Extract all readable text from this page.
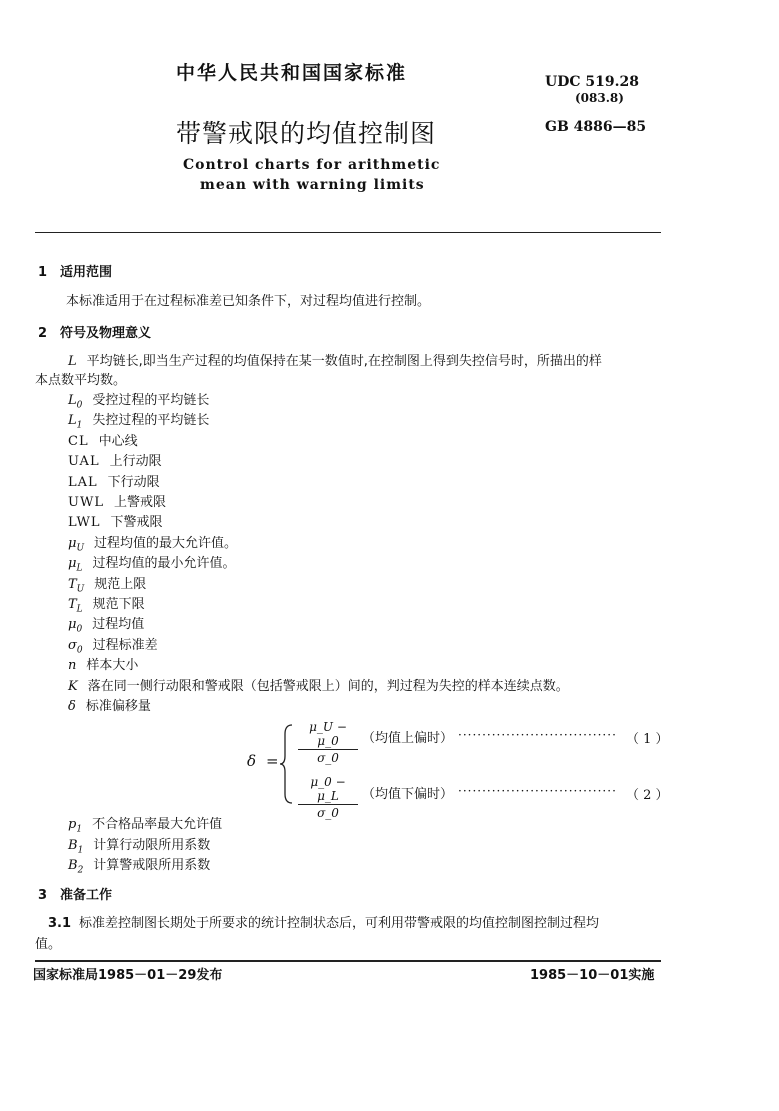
中华人民共和国国家标准	UDC 519.28
(083.8)
带警戒限的均值控制图	GB 4886—85
Control charts for arithmetic
mean with warning limits
1　适用范围
本标准适用于在过程标准差已知条件下，对过程均值进行控制。
2　符号及物理意义
L 平均链长,即当生产过程的均值保持在某一数值时,在控制图上得到失控信号时，所描出的样
本点数平均数。
$L_0$ 受控过程的平均链长
$L_1$ 失控过程的平均链长
CL 中心线
UAL 上行动限
LAL 下行动限
UWL 上警戒限
LWL 下警戒限
$\mu_U$ 过程均值的最大允许值。
$\mu_L$ 过程均值的最小允许值。
$T_U$ 规范上限
$T_L$ 规范下限
$\mu_0$ 过程均值
$\sigma_0$ 过程标准差
n 样本大小
K 落在同一侧行动限和警戒限（包括警戒限上）间的，判过程为失控的样本连续点数。
δ 标准偏移量
$\delta = \frac{\mu\_U - \mu\_0}{\sigma\_0}$ （均值上偏时） ································· （ 1 ）
$\frac{\mu\_0 - \mu\_L}{\sigma\_0}$ （均值下偏时） ································· （ 2 ）
$p_1$ 不合格品率最大允许值
$B_1$ 计算行动限所用系数
$B_2$ 计算警戒限所用系数
3　准备工作
3.1 标准差控制图长期处于所要求的统计控制状态后，可利用带警戒限的均值控制图控制过程均
值。
国家标准局1985－01－29发布	1985－10－01实施
